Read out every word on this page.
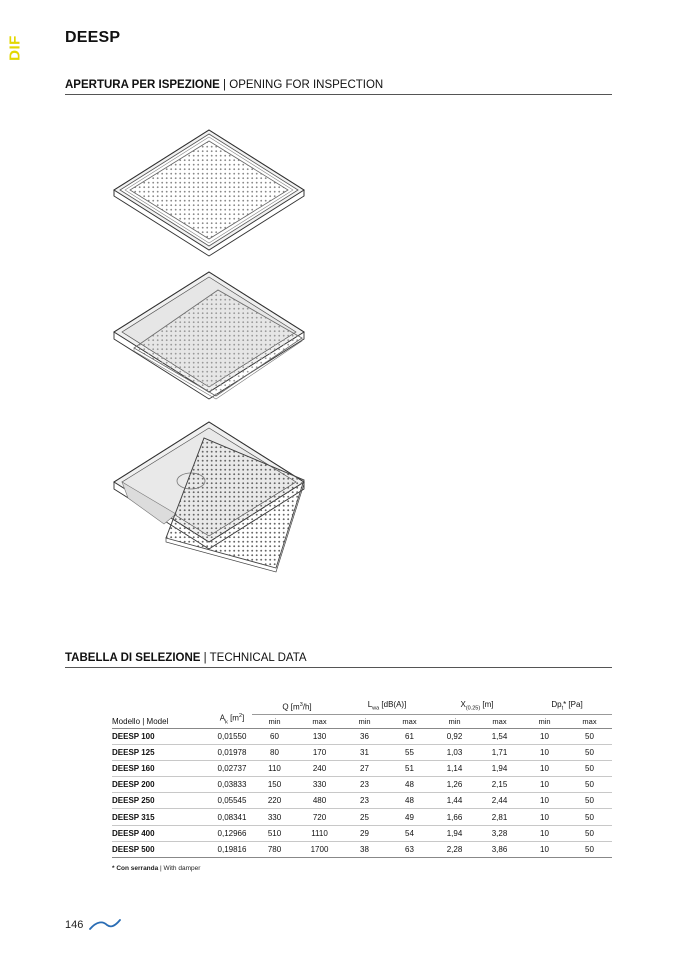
DIF	DEESP
APERTURA PER ISPEZIONE | OPENING FOR INSPECTION
TABELLA DI SELEZIONE | TECHNICAL DATA
Modello | Model	$A_k$ $[m^2]$	Q $[m^3/h]$		$L_{wa}$ [dB(A)]		$X_{(0.25)}$ [m]		$Dp_t*$ [Pa]	
		min	max	min	max	min	max	min	max
DEESP 100	0,01550	60	130	36	61	0,92	1,54	10	50
DEESP 125	0,01978	80	170	31	55	1,03	1,71	10	50
DEESP 160	0,02737	110	240	27	51	1,14	1,94	10	50
DEESP 200	0,03833	150	330	23	48	1,26	2,15	10	50
DEESP 250	0,05545	220	480	23	48	1,44	2,44	10	50
DEESP 315	0,08341	330	720	25	49	1,66	2,81	10	50
DEESP 400	0,12966	510	1110	29	54	1,94	3,28	10	50
DEESP 500	0,19816	780	1700	38	63	2,28	3,86	10	50
* Con serranda | With damper
146
